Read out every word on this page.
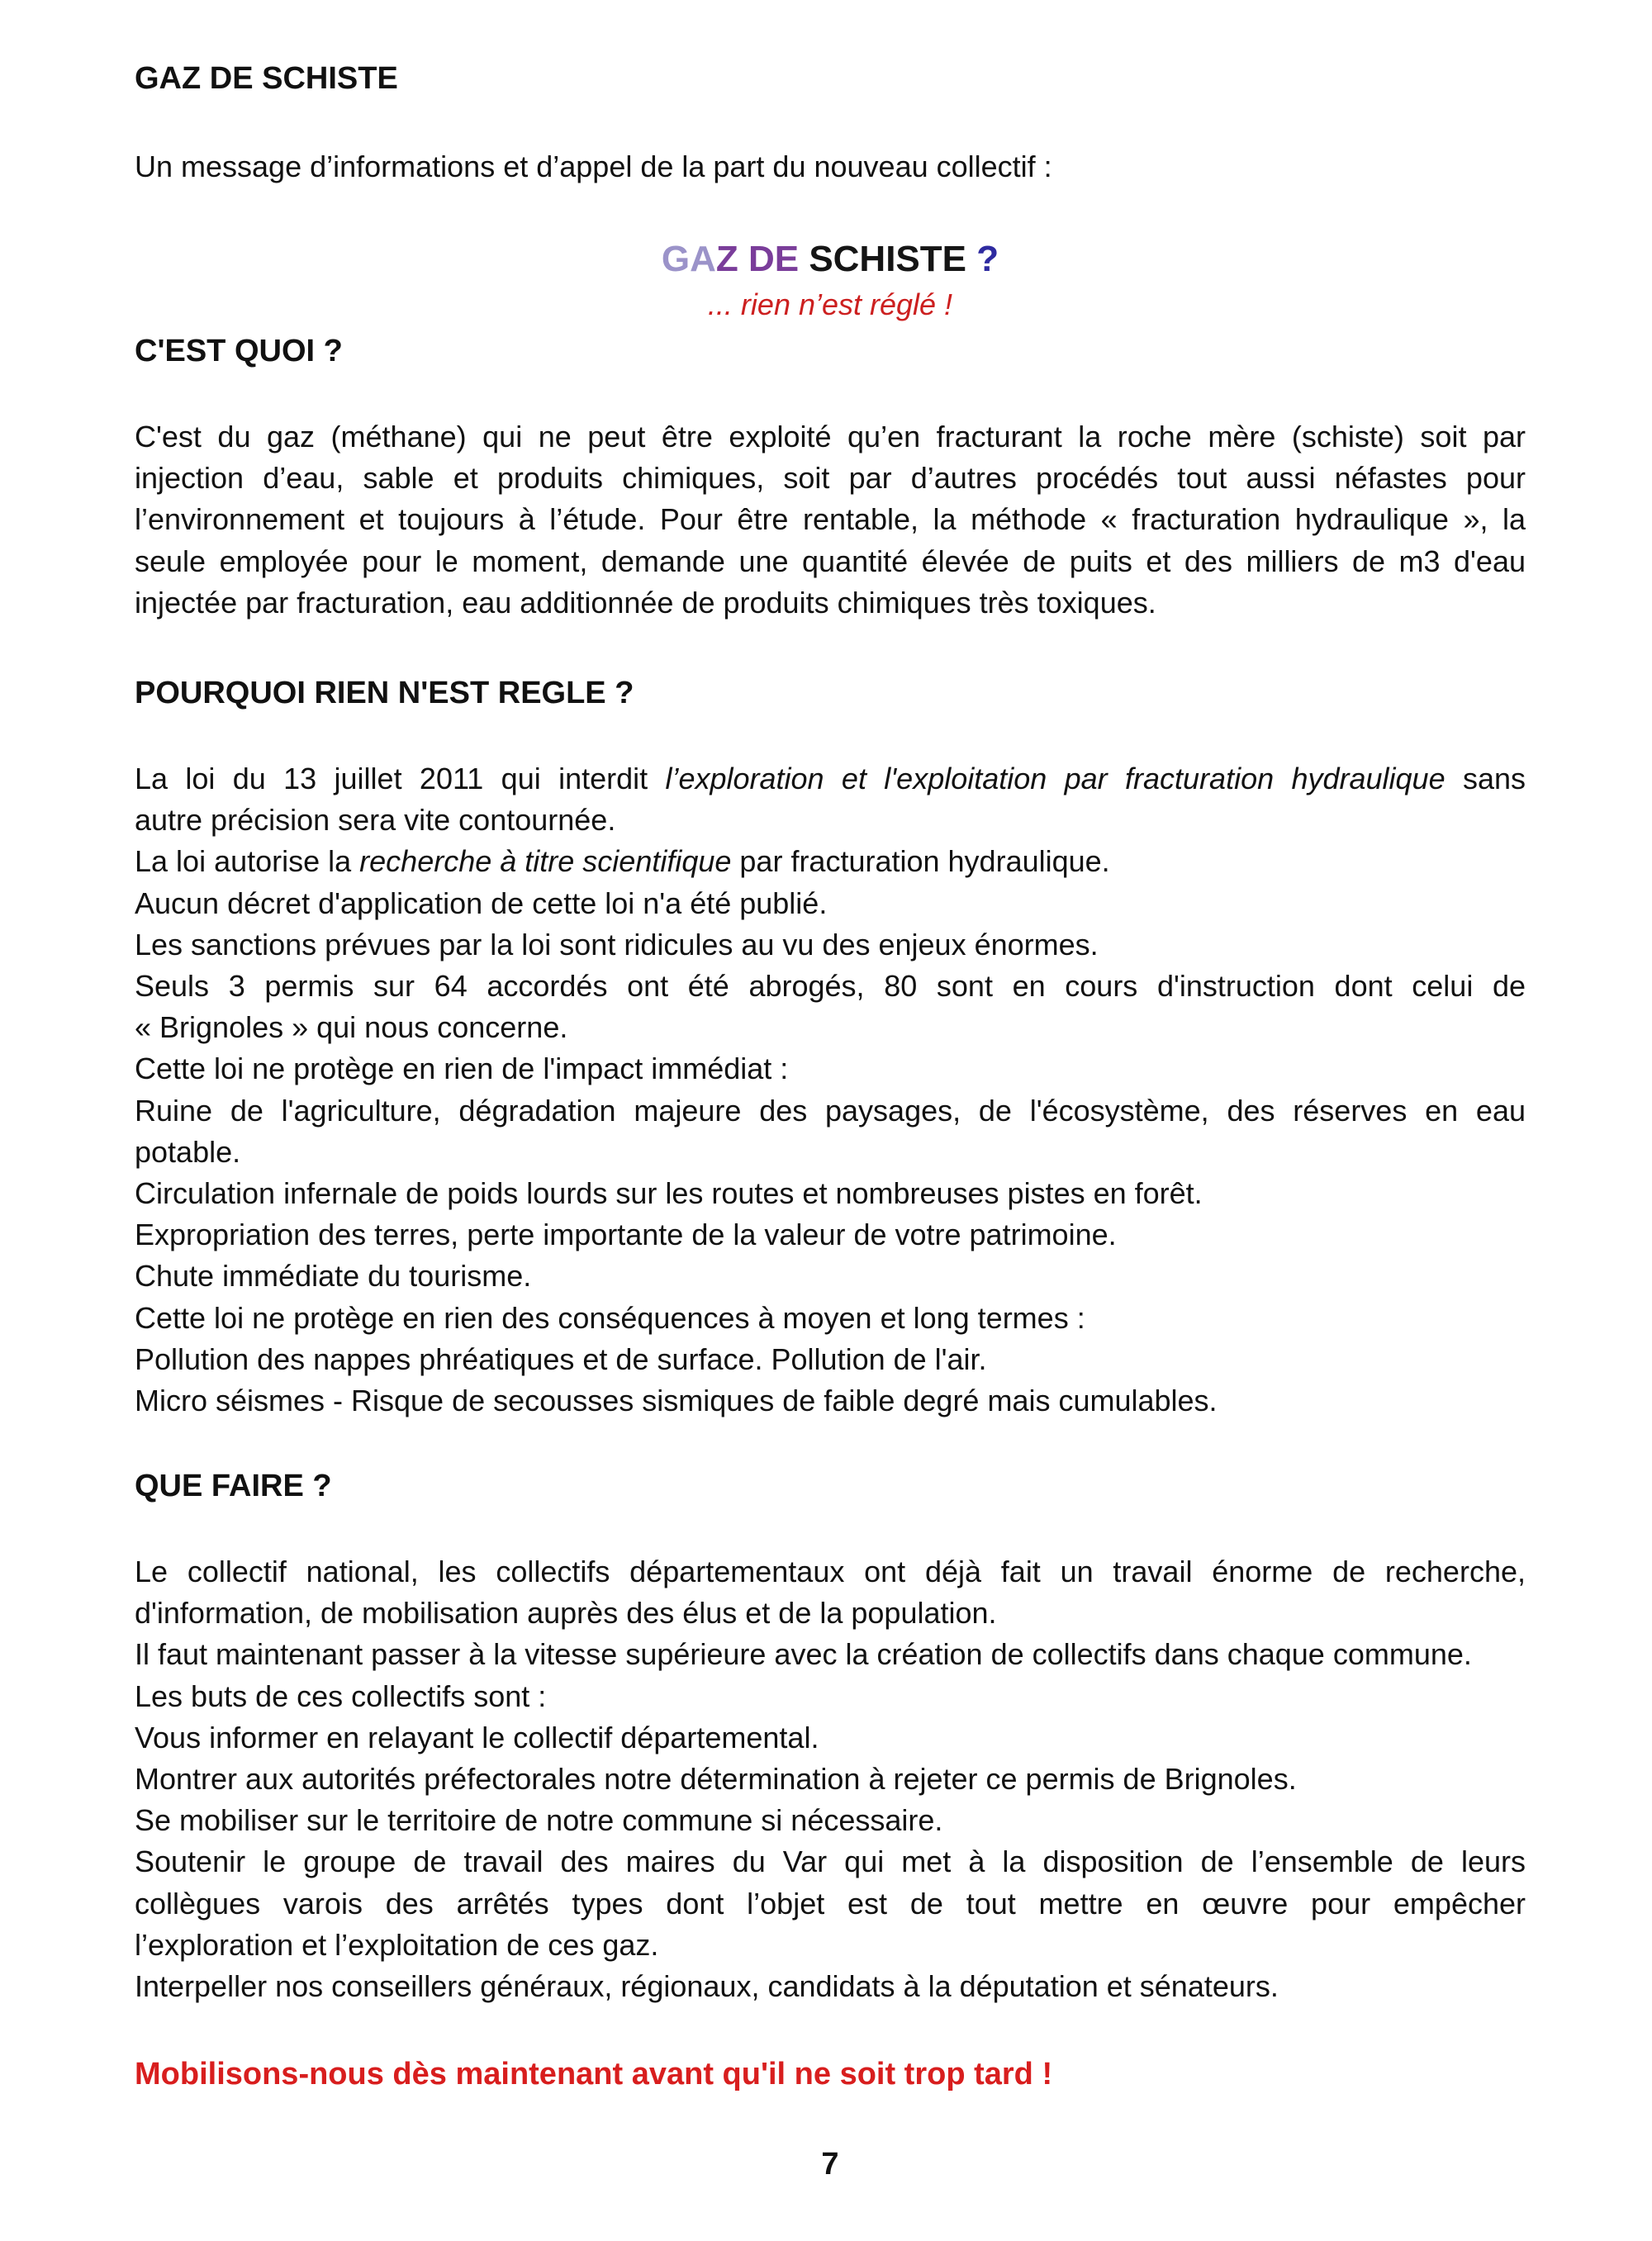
GAZ DE SCHISTE
Un message d’informations et d’appel de la part du nouveau collectif :
GAZ DE SCHISTE ?
... rien n’est réglé !
C'EST QUOI ?
C'est du gaz (méthane) qui ne peut être exploité qu’en fracturant la roche mère (schiste) soit par
injection d’eau, sable et produits chimiques, soit par d’autres procédés tout aussi néfastes pour
l’environnement et toujours à l’étude. Pour être rentable, la méthode « fracturation hydraulique », la
seule employée pour le moment, demande une quantité élevée de puits et des milliers de m3 d'eau
injectée par fracturation, eau additionnée de produits chimiques très toxiques.
POURQUOI RIEN N'EST REGLE ?
La loi du 13 juillet 2011 qui interdit l’exploration et l'exploitation par fracturation hydraulique sans
autre précision sera vite contournée.
La loi autorise la recherche à titre scientifique par fracturation hydraulique.
Aucun décret d'application de cette loi n'a été publié.
Les sanctions prévues par la loi sont ridicules au vu des enjeux énormes.
Seuls 3 permis sur 64 accordés ont été abrogés, 80 sont en cours d'instruction dont celui de
« Brignoles » qui nous concerne.
Cette loi ne protège en rien de l'impact immédiat :
Ruine de l'agriculture, dégradation majeure des paysages, de l'écosystème, des réserves en eau
potable.
Circulation infernale de poids lourds sur les routes et nombreuses pistes en forêt.
Expropriation des terres, perte importante de la valeur de votre patrimoine.
Chute immédiate du tourisme.
Cette loi ne protège en rien des conséquences à moyen et long termes :
Pollution des nappes phréatiques et de surface. Pollution de l'air.
Micro séismes - Risque de secousses sismiques de faible degré mais cumulables.
QUE FAIRE ?
Le collectif national, les collectifs départementaux ont déjà fait un travail énorme de recherche,
d'information, de mobilisation auprès des élus et de la population.
Il faut maintenant passer à la vitesse supérieure avec la création de collectifs dans chaque commune.
Les buts de ces collectifs sont :
Vous informer en relayant le collectif départemental.
Montrer aux autorités préfectorales notre détermination à rejeter ce permis de Brignoles.
Se mobiliser sur le territoire de notre commune si nécessaire.
Soutenir le groupe de travail des maires du Var qui met à la disposition de l’ensemble de leurs
collègues varois des arrêtés types dont l’objet est de tout mettre en œuvre pour empêcher
l’exploration et l’exploitation de ces gaz.
Interpeller nos conseillers généraux, régionaux, candidats à la députation et sénateurs.
Mobilisons-nous dès maintenant avant qu'il ne soit trop tard !
7
